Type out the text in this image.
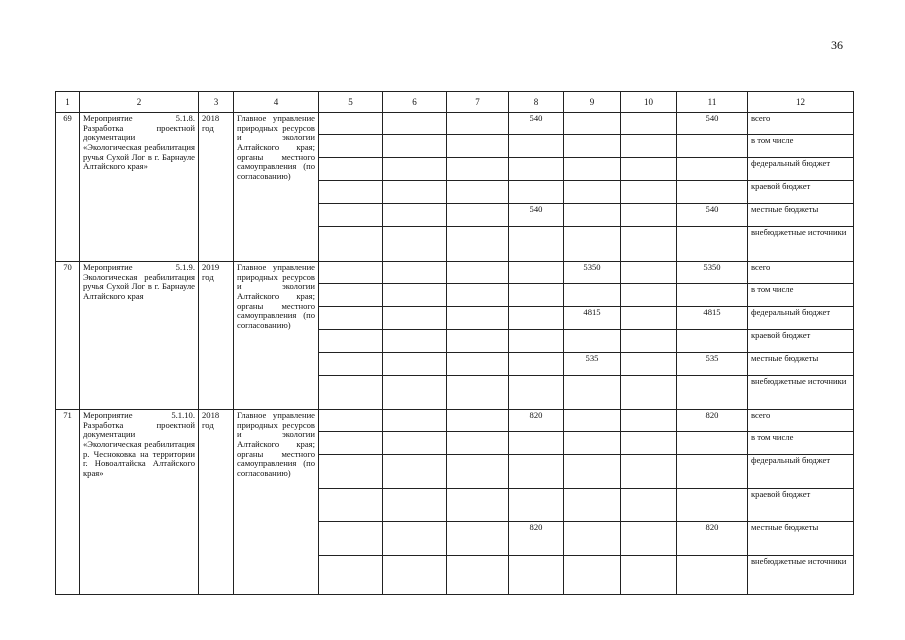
36
1	2	3	4	5	6	7	8	9	10	11	12
69	Мероприятие 5.1.8. Разработка проектной документации «Экологическая реабилитация ручья Сухой Лог в г. Барнауле Алтайского края»	2018 год	Главное управление природных ресурсов и экологии Алтайского края; органы местного самоуправления (по согласованию)				540			540	всего
											в том числе
											федеральный бюджет
											краевой бюджет
							540			540	местные бюджеты
											внебюджетные источники
70	Мероприятие 5.1.9. Экологическая реабилитация ручья Сухой Лог в г. Барнауле Алтайского края	2019 год	Главное управление природных ресурсов и экологии Алтайского края; органы местного самоуправления (по согласованию)					5350		5350	всего
											в том числе
								4815		4815	федеральный бюджет
											краевой бюджет
								535		535	местные бюджеты
											внебюджетные источники
71	Мероприятие 5.1.10. Разработка проектной документации «Экологическая реабилитация р. Чесноковка на территории г. Новоалтайска Алтайского края»	2018 год	Главное управление природных ресурсов и экологии Алтайского края; органы местного самоуправления (по согласованию)				820			820	всего
											в том числе
											федеральный бюджет
											краевой бюджет
							820			820	местные бюджеты
											внебюджетные источники
